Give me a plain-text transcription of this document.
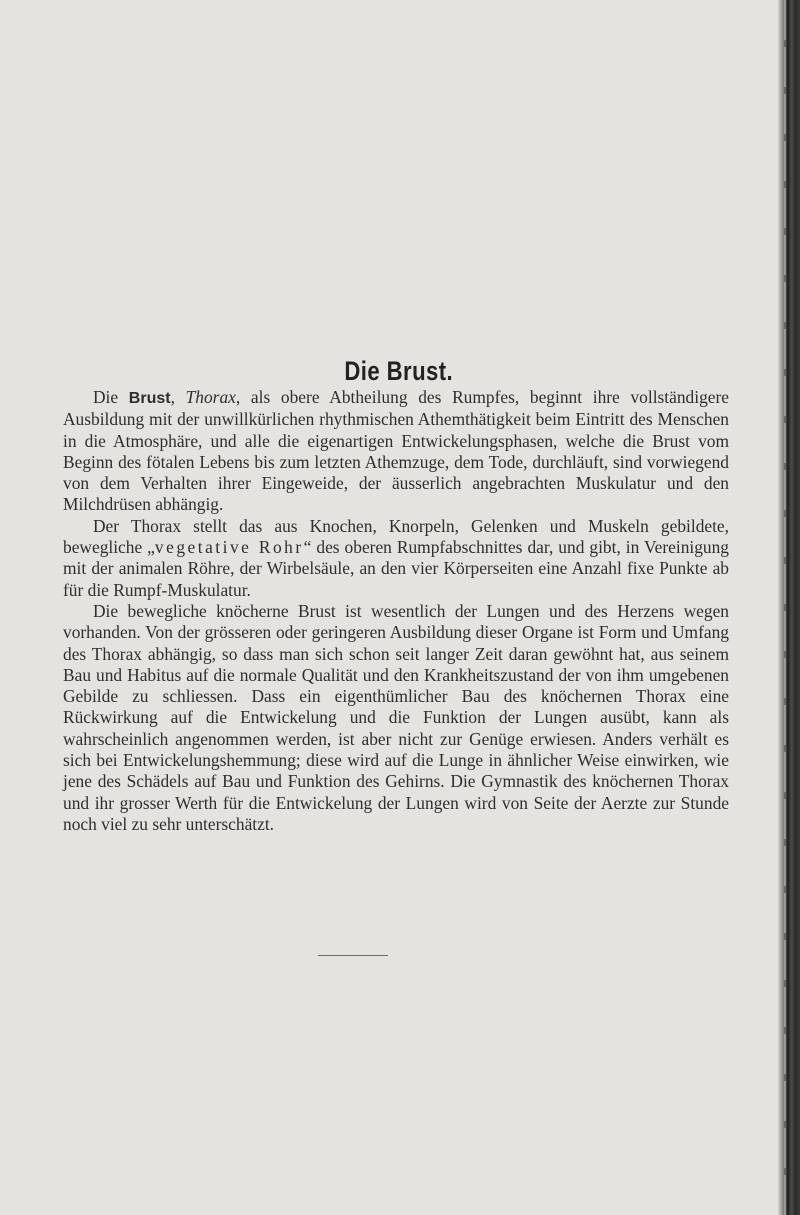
Die Brust.

Die Brust, Thorax, als obere Abtheilung des Rumpfes, beginnt ihre vollständigere Ausbildung mit der unwillkürlichen rhythmischen Athemthätigkeit beim Eintritt des Menschen in die Atmosphäre, und alle die eigenartigen Entwickelungsphasen, welche die Brust vom Beginn des fötalen Lebens bis zum letzten Athemzuge, dem Tode, durchläuft, sind vorwiegend von dem Verhalten ihrer Eingeweide, der äusserlich angebrachten Muskulatur und den Milchdrüsen abhängig.

Der Thorax stellt das aus Knochen, Knorpeln, Gelenken und Muskeln gebildete, bewegliche „vegetative Rohr“ des oberen Rumpfabschnittes dar, und gibt, in Vereinigung mit der animalen Röhre, der Wirbelsäule, an den vier Körperseiten eine Anzahl fixe Punkte ab für die Rumpf-Muskulatur.

Die bewegliche knöcherne Brust ist wesentlich der Lungen und des Herzens wegen vorhanden. Von der grösseren oder geringeren Ausbildung dieser Organe ist Form und Umfang des Thorax abhängig, so dass man sich schon seit langer Zeit daran gewöhnt hat, aus seinem Bau und Habitus auf die normale Qualität und den Krankheitszustand der von ihm umgebenen Gebilde zu schliessen. Dass ein eigenthümlicher Bau des knöchernen Thorax eine Rückwirkung auf die Entwickelung und die Funktion der Lungen ausübt, kann als wahrscheinlich angenommen werden, ist aber nicht zur Genüge erwiesen. Anders verhält es sich bei Entwickelungshemmung; diese wird auf die Lunge in ähnlicher Weise einwirken, wie jene des Schädels auf Bau und Funktion des Gehirns. Die Gymnastik des knöchernen Thorax und ihr grosser Werth für die Entwickelung der Lungen wird von Seite der Aerzte zur Stunde noch viel zu sehr unterschätzt.
